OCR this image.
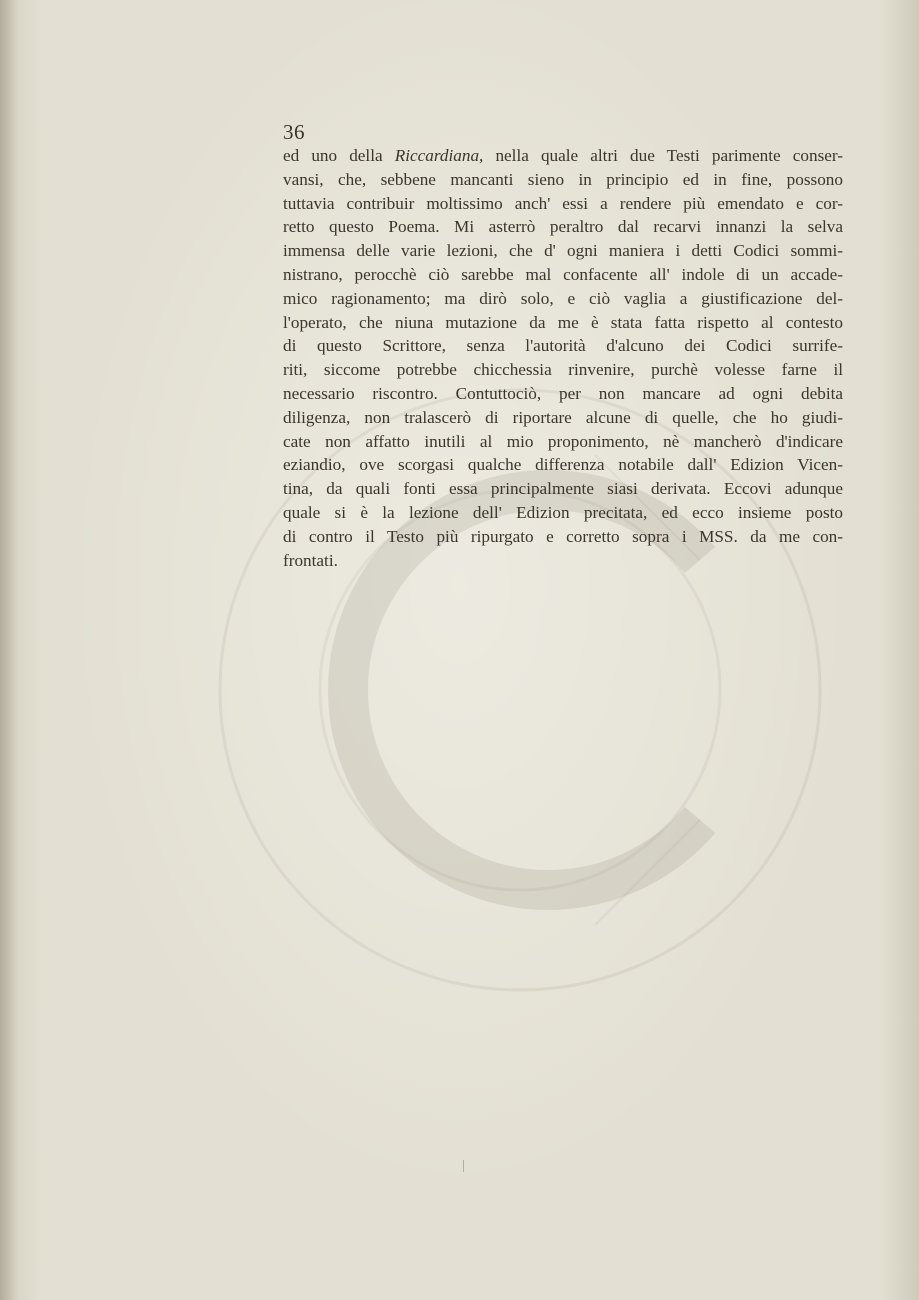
36
ed uno della Riccardiana, nella quale altri due Testi parimente conser-
vansi, che, sebbene mancanti sieno in principio ed in fine, possono
tuttavia contribuir moltissimo anch' essi a rendere più emendato e cor-
retto questo Poema. Mi asterrò peraltro dal recarvi innanzi la selva
immensa delle varie lezioni, che d' ogni maniera i detti Codici sommi-
nistrano, perocchè ciò sarebbe mal confacente all' indole di un accade-
mico ragionamento; ma dirò solo, e ciò vaglia a giustificazione del-
l'operato, che niuna mutazione da me è stata fatta rispetto al contesto
di questo Scrittore, senza l'autorità d'alcuno dei Codici surrife-
riti, siccome potrebbe chicchessia rinvenire, purchè volesse farne il
necessario riscontro. Contuttociò, per non mancare ad ogni debita
diligenza, non tralascerò di riportare alcune di quelle, che ho giudi-
cate non affatto inutili al mio proponimento, nè mancherò d'indicare
eziandio, ove scorgasi qualche differenza notabile dall' Edizion Vicen-
tina, da quali fonti essa principalmente siasi derivata. Eccovi adunque
quale si è la lezione dell' Edizion precitata, ed ecco insieme posto
di contro il Testo più ripurgato e corretto sopra i MSS. da me con-
frontati.
